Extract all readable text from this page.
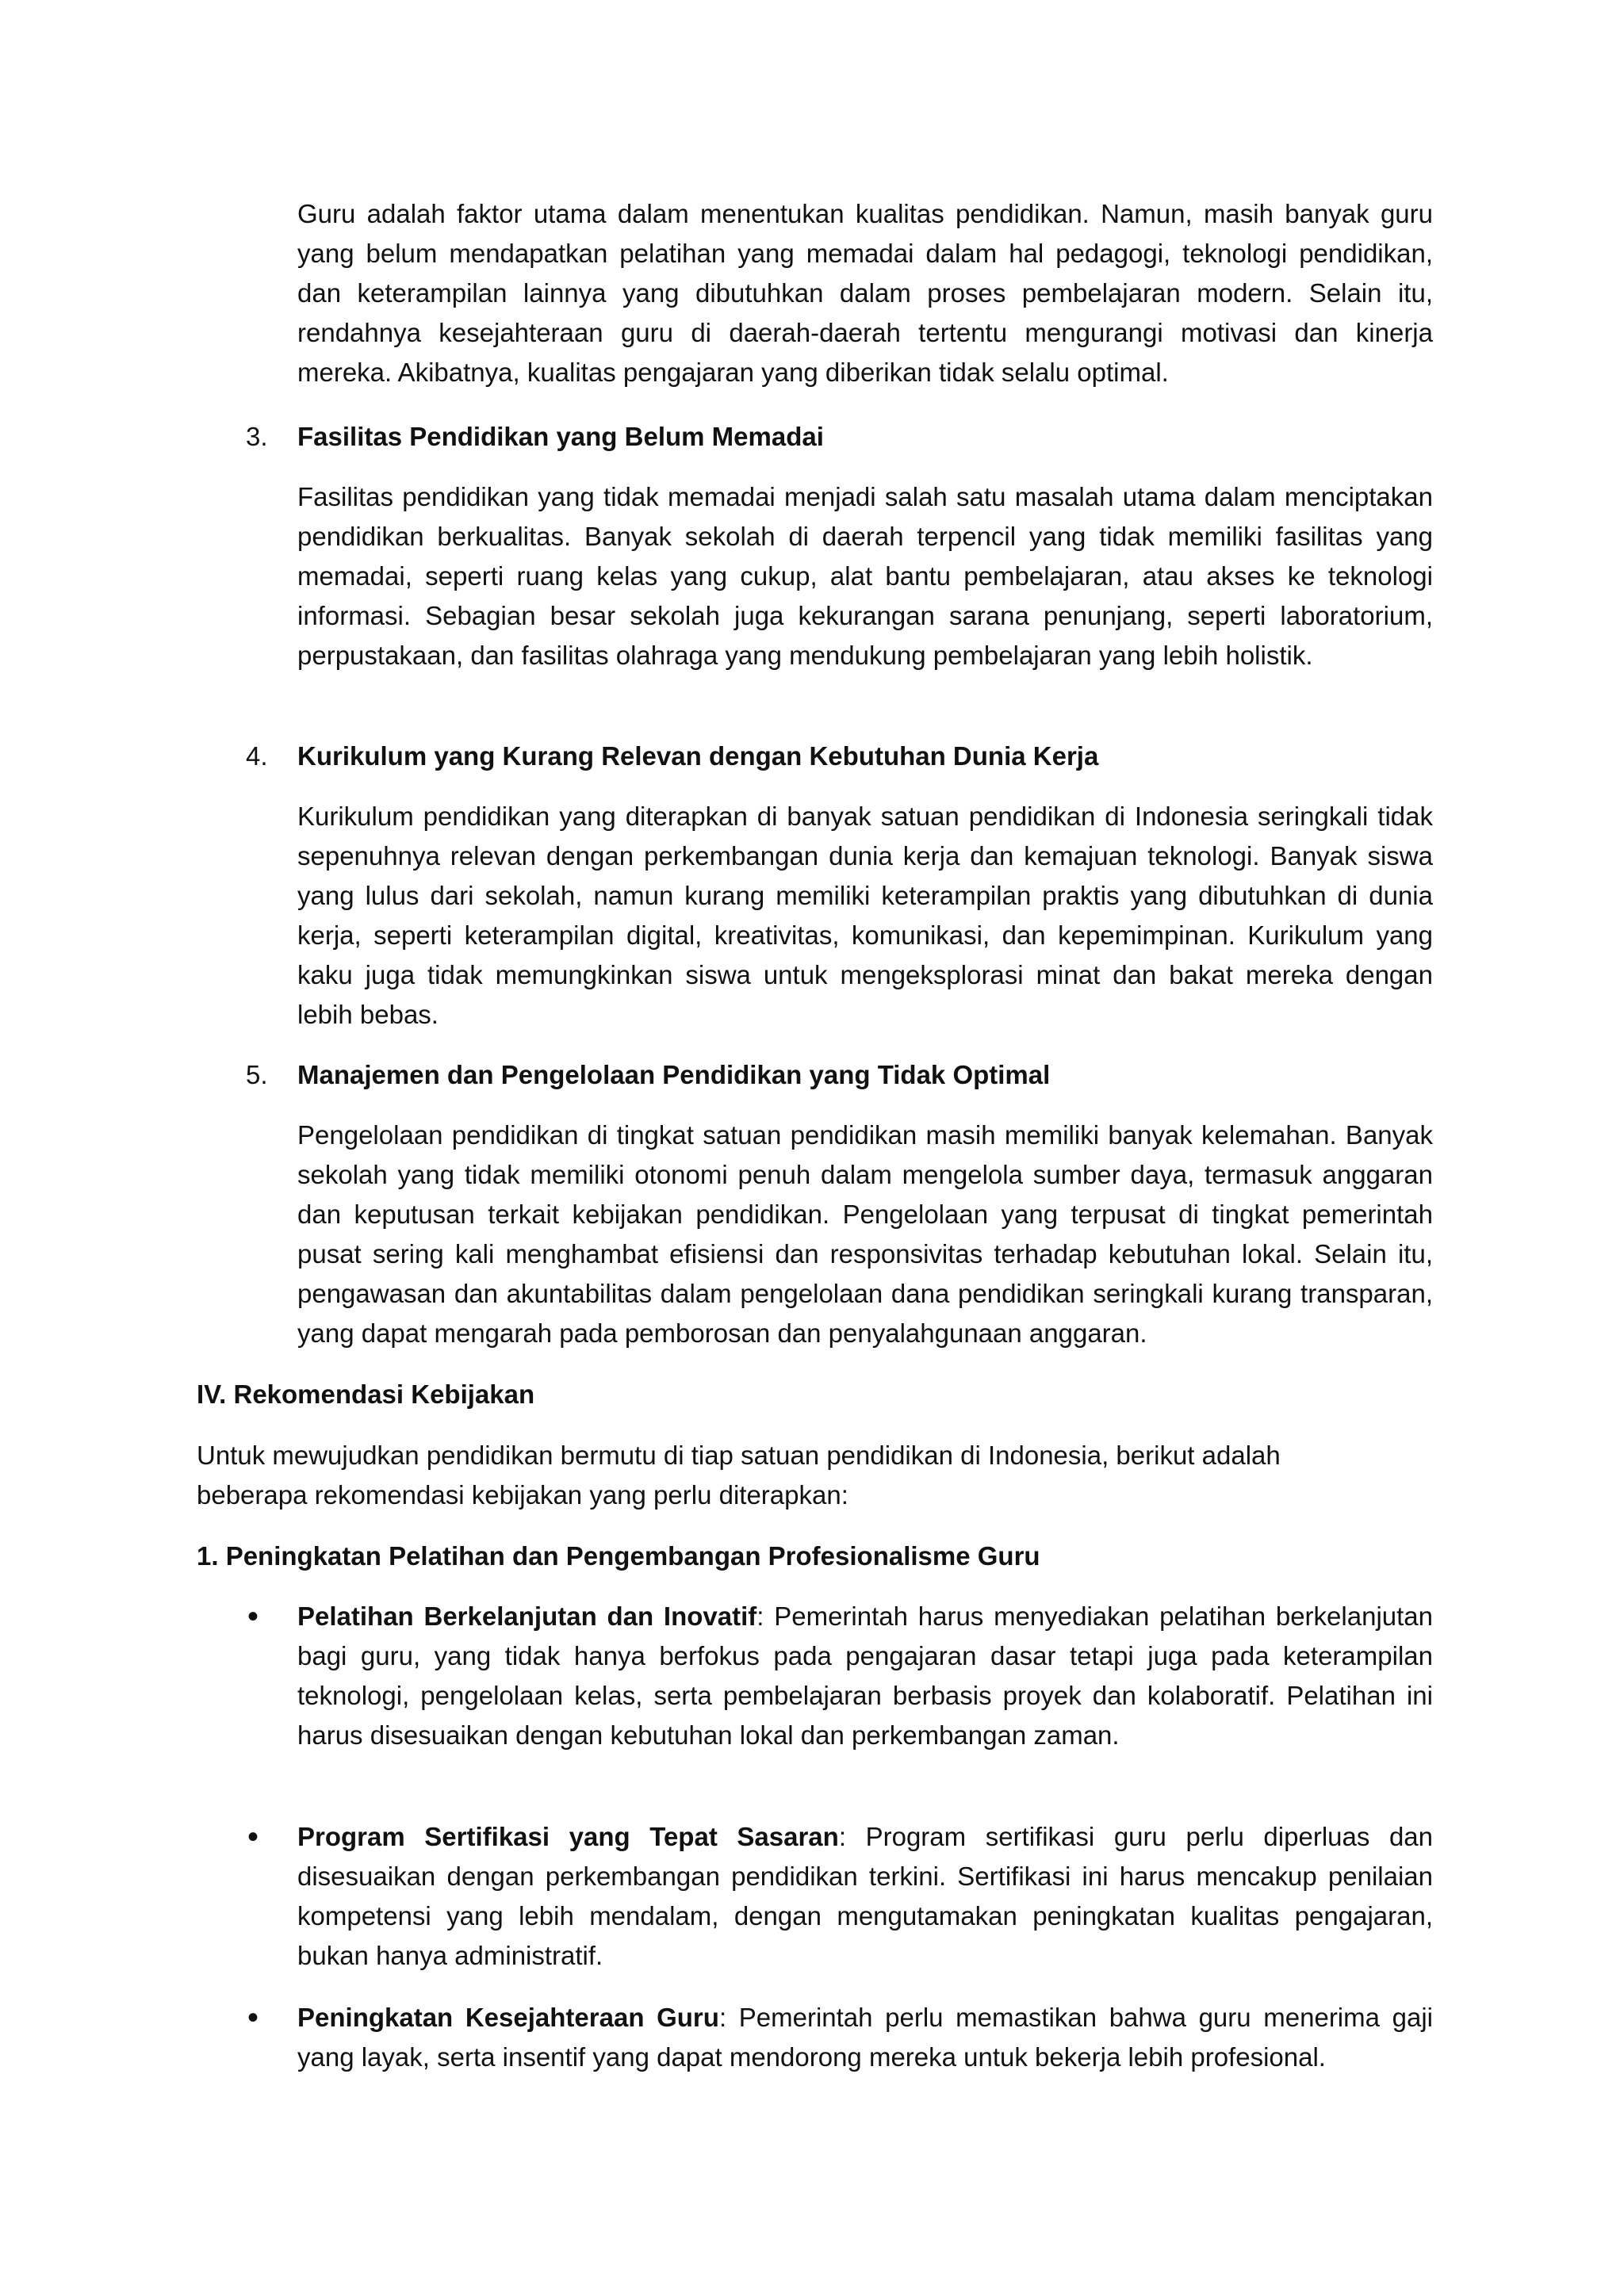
Guru adalah faktor utama dalam menentukan kualitas pendidikan. Namun, masih banyak guru yang belum mendapatkan pelatihan yang memadai dalam hal pedagogi, teknologi pendidikan, dan keterampilan lainnya yang dibutuhkan dalam proses pembelajaran modern. Selain itu, rendahnya kesejahteraan guru di daerah-daerah tertentu mengurangi motivasi dan kinerja mereka. Akibatnya, kualitas pengajaran yang diberikan tidak selalu optimal.

3. Fasilitas Pendidikan yang Belum Memadai

Fasilitas pendidikan yang tidak memadai menjadi salah satu masalah utama dalam menciptakan pendidikan berkualitas. Banyak sekolah di daerah terpencil yang tidak memiliki fasilitas yang memadai, seperti ruang kelas yang cukup, alat bantu pembelajaran, atau akses ke teknologi informasi. Sebagian besar sekolah juga kekurangan sarana penunjang, seperti laboratorium, perpustakaan, dan fasilitas olahraga yang mendukung pembelajaran yang lebih holistik.

4. Kurikulum yang Kurang Relevan dengan Kebutuhan Dunia Kerja

Kurikulum pendidikan yang diterapkan di banyak satuan pendidikan di Indonesia seringkali tidak sepenuhnya relevan dengan perkembangan dunia kerja dan kemajuan teknologi. Banyak siswa yang lulus dari sekolah, namun kurang memiliki keterampilan praktis yang dibutuhkan di dunia kerja, seperti keterampilan digital, kreativitas, komunikasi, dan kepemimpinan. Kurikulum yang kaku juga tidak memungkinkan siswa untuk mengeksplorasi minat dan bakat mereka dengan lebih bebas.

5. Manajemen dan Pengelolaan Pendidikan yang Tidak Optimal

Pengelolaan pendidikan di tingkat satuan pendidikan masih memiliki banyak kelemahan. Banyak sekolah yang tidak memiliki otonomi penuh dalam mengelola sumber daya, termasuk anggaran dan keputusan terkait kebijakan pendidikan. Pengelolaan yang terpusat di tingkat pemerintah pusat sering kali menghambat efisiensi dan responsivitas terhadap kebutuhan lokal. Selain itu, pengawasan dan akuntabilitas dalam pengelolaan dana pendidikan seringkali kurang transparan, yang dapat mengarah pada pemborosan dan penyalahgunaan anggaran.

IV. Rekomendasi Kebijakan

Untuk mewujudkan pendidikan bermutu di tiap satuan pendidikan di Indonesia, berikut adalah beberapa rekomendasi kebijakan yang perlu diterapkan:

1. Peningkatan Pelatihan dan Pengembangan Profesionalisme Guru
• Pelatihan Berkelanjutan dan Inovatif: Pemerintah harus menyediakan pelatihan berkelanjutan bagi guru, yang tidak hanya berfokus pada pengajaran dasar tetapi juga pada keterampilan teknologi, pengelolaan kelas, serta pembelajaran berbasis proyek dan kolaboratif. Pelatihan ini harus disesuaikan dengan kebutuhan lokal dan perkembangan zaman.

• Program Sertifikasi yang Tepat Sasaran: Program sertifikasi guru perlu diperluas dan disesuaikan dengan perkembangan pendidikan terkini. Sertifikasi ini harus mencakup penilaian kompetensi yang lebih mendalam, dengan mengutamakan peningkatan kualitas pengajaran, bukan hanya administratif.

• Peningkatan Kesejahteraan Guru: Pemerintah perlu memastikan bahwa guru menerima gaji yang layak, serta insentif yang dapat mendorong mereka untuk bekerja lebih profesional.
